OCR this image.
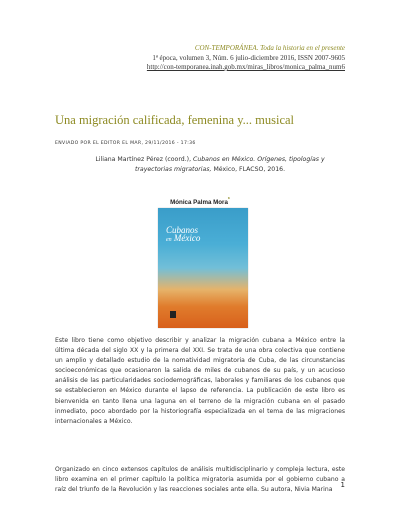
CON-TEMPORÁNEA. Toda la historia en el presente
1ª época, volumen 3, Núm. 6 julio-diciembre 2016, ISSN 2007-9605
http://con-temporanea.inah.gob.mx/miras_libros/monica_palma_num6
Una migración calificada, femenina y... musical
ENVIADO POR EL EDITOR EL MAR, 29/11/2016 - 17:36
Liliana Martínez Pérez (coord.), Cubanos en México. Orígenes, tipologías y trayectorias migratorias, México, FLACSO, 2016.
Mónica Palma Mora*
Cubanos
en México
Este libro tiene como objetivo describir y analizar la migración cubana a México entre la última década del siglo XX y la primera del XXI. Se trata de una obra colectiva que contiene un amplio y detallado estudio de la nomatividad migratoria de Cuba, de las circunstancias socioeconómicas que ocasionaron la salida de miles de cubanos de su país, y un acucioso análisis de las particularidades sociodemográficas, laborales y familiares de los cubanos que se establecieron en México durante el lapso de referencia. La publicación de este libro es bienvenida en tanto llena una laguna en el terreno de la migración cubana en el pasado inmediato, poco abordado por la historiografía especializada en el tema de las migraciones internacionales a México.
Organizado en cinco extensos capítulos de análisis multidisciplinario y compleja lectura, este libro examina en el primer capítulo la política migratoria asumida por el gobierno cubano a raíz del triunfo de la Revolución y las reacciones sociales ante ella. Su autora, Nivia Marina
1
